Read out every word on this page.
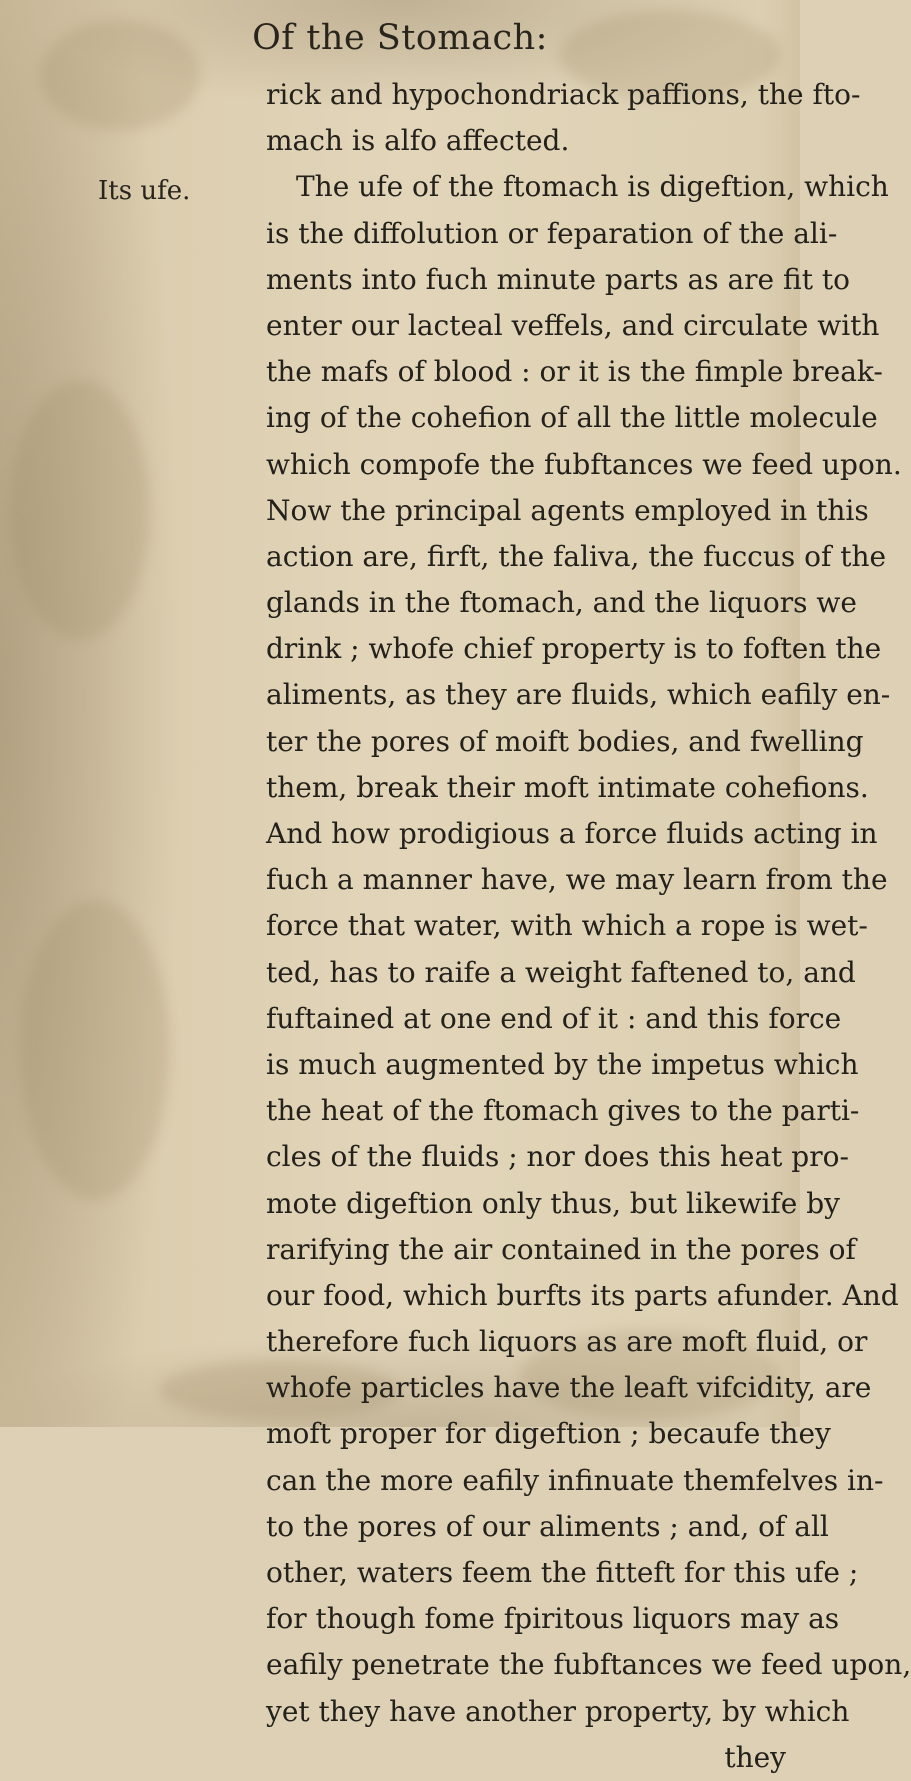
Of the Stomach:
Its ufe.
rick and hypochondriack paffions, the fto-
mach is alfo affected.
The ufe of the ftomach is digeftion, which
is the diffolution or feparation of the ali-
ments into fuch minute parts as are fit to
enter our lacteal veffels, and circulate with
the mafs of blood : or it is the fimple break-
ing of the cohefion of all the little molecule
which compofe the fubftances we feed upon.
Now the principal agents employed in this
action are, firft, the faliva, the fuccus of the
glands in the ftomach, and the liquors we
drink ; whofe chief property is to foften the
aliments, as they are fluids, which eafily en-
ter the pores of moift bodies, and fwelling
them, break their moft intimate cohefions.
And how prodigious a force fluids acting in
fuch a manner have, we may learn from the
force that water, with which a rope is wet-
ted, has to raife a weight faftened to, and
fuftained at one end of it : and this force
is much augmented by the impetus which
the heat of the ftomach gives to the parti-
cles of the fluids ; nor does this heat pro-
mote digeftion only thus, but likewife by
rarifying the air contained in the pores of
our food, which burfts its parts afunder. And
therefore fuch liquors as are moft fluid, or
whofe particles have the leaft vifcidity, are
moft proper for digeftion ; becaufe they
can the more eafily infinuate themfelves in-
to the pores of our aliments ; and, of all
other, waters feem the fitteft for this ufe ;
for though fome fpiritous liquors may as
eafily penetrate the fubftances we feed upon,
yet they have another property, by which
they
